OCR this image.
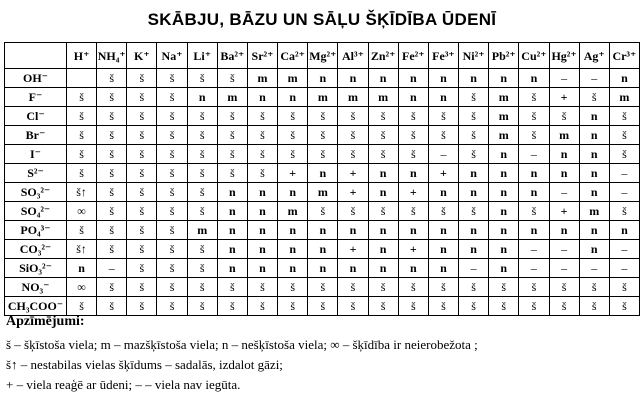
SKĀBJU, BĀZU UN SĀĻU ŠĶĪDĪBA ŪDENĪ
	H⁺	NH₄⁺	K⁺	Na⁺	Li⁺	Ba²⁺	Sr²⁺	Ca²⁺	Mg²⁺	Al³⁺	Zn²⁺	Fe²⁺	Fe³⁺	Ni²⁺	Pb²⁺	Cu²⁺	Hg²⁺	Ag⁺	Cr³⁺
OH⁻		š	š	š	š	š	m	m	n	n	n	n	n	n	n	n	–	–	n
F⁻	š	š	š	š	n	m	n	n	m	m	m	n	n	š	m	š	+	š	m
Cl⁻	š	š	š	š	š	š	š	š	š	š	š	š	š	š	m	š	š	n	š
Br⁻	š	š	š	š	š	š	š	š	š	š	š	š	š	š	m	š	m	n	š
I⁻	š	š	š	š	š	š	š	š	š	š	š	š	–	š	n	–	n	n	š
S²⁻	š	š	š	š	š	š	š	+	n	+	n	n	+	n	n	n	n	n	–
SO₃²⁻	š↑	š	š	š	š	n	n	n	m	+	n	+	n	n	n	n	–	n	–
SO₄²⁻	∞	š	š	š	š	n	n	m	š	š	š	š	š	š	n	š	+	m	š
PO₄³⁻	š	š	š	š	m	n	n	n	n	n	n	n	n	n	n	n	n	n	n
CO₃²⁻	š↑	š	š	š	š	n	n	n	n	+	n	+	n	n	n	–	–	n	–
SiO₃²⁻	n	–	š	š	š	n	n	n	n	n	n	n	n	–	n	–	–	–	–
NO₃⁻	∞	š	š	š	š	š	š	š	š	š	š	š	š	š	š	š	š	š	š
CH₃COO⁻	š	š	š	š	š	š	š	š	š	š	š	š	š	š	š	š	š	š	š
Apzīmējumi:
š – šķīstoša viela; m – mazšķīstoša viela; n – nešķīstoša viela; ∞ – šķīdība ir neierobežota ;
š↑ – nestabilas vielas šķīdums – sadalās, izdalot gāzi;
+ – viela reaģē ar ūdeni; – – viela nav iegūta.
